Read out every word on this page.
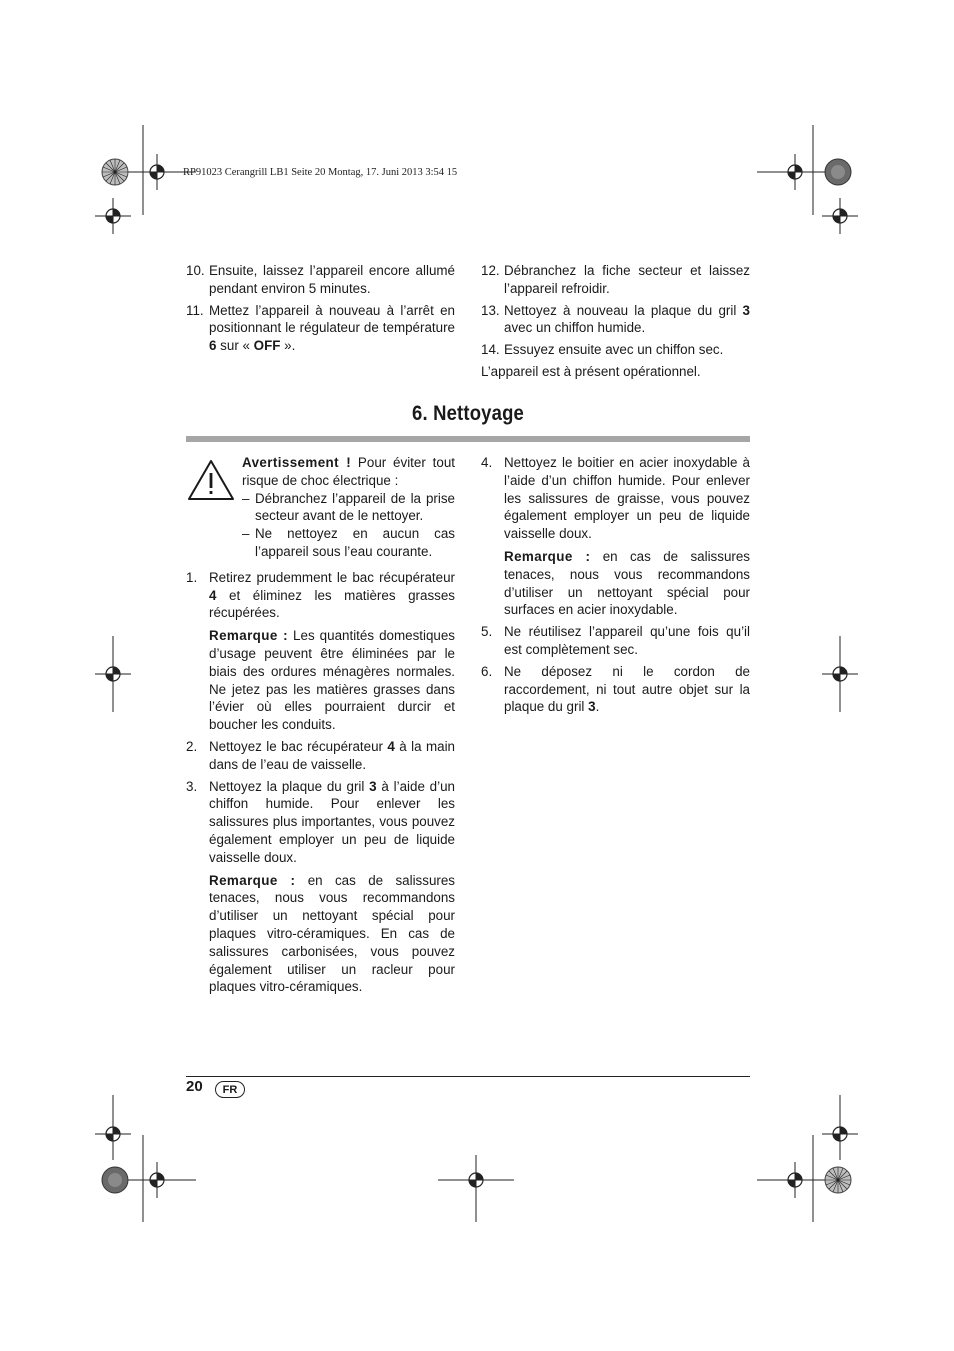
RP91023 Cerangrill LB1 Seite 20 Montag, 17. Juni 2013 3:54 15
10. Ensuite, laissez l’appareil encore allumé pendant environ 5 minutes.
11. Mettez l’appareil à nouveau à l’arrêt en positionnant le régulateur de température 6 sur « OFF ».
12. Débranchez la fiche secteur et laissez l’appareil refroidir.
13. Nettoyez à nouveau la plaque du gril 3 avec un chiffon humide.
14. Essuyez ensuite avec un chiffon sec.
L’appareil est à présent opérationnel.
6. Nettoyage
Avertissement ! Pour éviter tout risque de choc électrique :
– Débranchez l’appareil de la prise secteur avant de le nettoyer.
– Ne nettoyez en aucun cas l’appareil sous l’eau courante.
1. Retirez prudemment le bac récupérateur 4 et éliminez les matières grasses récupérées.
Remarque : Les quantités domestiques d’usage peuvent être éliminées par le biais des ordures ménagères normales. Ne jetez pas les matières grasses dans l’évier où elles pourraient durcir et boucher les conduits.
2. Nettoyez le bac récupérateur 4 à la main dans de l’eau de vaisselle.
3. Nettoyez la plaque du gril 3 à l’aide d’un chiffon humide. Pour enlever les salissures plus importantes, vous pouvez également employer un peu de liquide vaisselle doux.
Remarque : en cas de salissures tenaces, nous vous recommandons d’utiliser un nettoyant spécial pour plaques vitro-céramiques. En cas de salissures carbonisées, vous pouvez également utiliser un racleur pour plaques vitro-céramiques.
4. Nettoyez le boitier en acier inoxydable à l’aide d’un chiffon humide. Pour enlever les salissures de graisse, vous pouvez également employer un peu de liquide vaisselle doux.
Remarque : en cas de salissures tenaces, nous vous recommandons d’utiliser un nettoyant spécial pour surfaces en acier inoxydable.
5. Ne réutilisez l’appareil qu’une fois qu’il est complètement sec.
6. Ne déposez ni le cordon de raccordement, ni tout autre objet sur la plaque du gril 3.
20	FR
